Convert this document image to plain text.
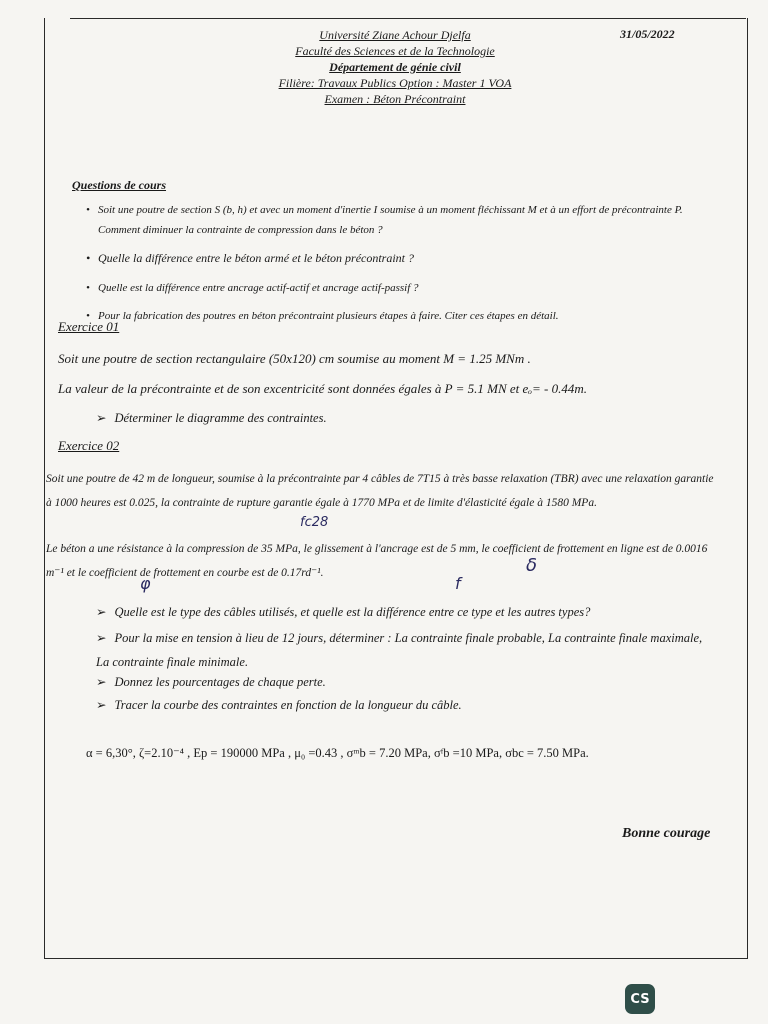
Université Ziane Achour Djelfa
Faculté des Sciences et de la Technologie
Département de génie civil
Filière: Travaux Publics Option : Master 1 VOA
Examen : Béton Précontraint
31/05/2022
Questions de cours
• Soit une poutre de section S (b, h) et avec un moment d'inertie I soumise à un moment fléchissant M et à un effort de précontrainte P. Comment diminuer la contrainte de compression dans le béton ?
• Quelle la différence entre le béton armé et le béton précontraint ?
• Quelle est la différence entre ancrage actif-actif et ancrage actif-passif ?
• Pour la fabrication des poutres en béton précontraint plusieurs étapes à faire. Citer ces étapes en détail.
Exercice 01
Soit une poutre de section rectangulaire (50x120) cm soumise au moment M = 1.25 MNm .
La valeur de la précontrainte et de son excentricité sont données égales à P = 5.1 MN et eₒ= - 0.44m.
➢ Déterminer le diagramme des contraintes.
Exercice 02
Soit une poutre de 42 m de longueur, soumise à la précontrainte par 4 câbles de 7T15 à très basse relaxation (TBR) avec une relaxation garantie à 1000 heures est 0.025, la contrainte de rupture garantie égale à 1770 MPa et de limite d'élasticité égale à 1580 MPa.
Le béton a une résistance à la compression de 35 MPa, le glissement à l'ancrage est de 5 mm, le coefficient de frottement en ligne est de 0.0016 m⁻¹ et le coefficient de frottement en courbe est de 0.17rd⁻¹.
fc28
φ	f
δ
➢ Quelle est le type des câbles utilisés, et quelle est la différence entre ce type et les autres types?
➢ Pour la mise en tension à lieu de 12 jours, déterminer : La contrainte finale probable, La contrainte finale maximale, La contrainte finale minimale.
➢ Donnez les pourcentages de chaque perte.
➢ Tracer la courbe des contraintes en fonction de la longueur du câble.
α = 6,30°, ζ=2.10⁻⁴ , Ep = 190000 MPa , μ₀ =0.43 , σᵐb = 7.20 MPa, σᶠb =10 MPa, σbc = 7.50 MPa.
Bonne courage
CS
